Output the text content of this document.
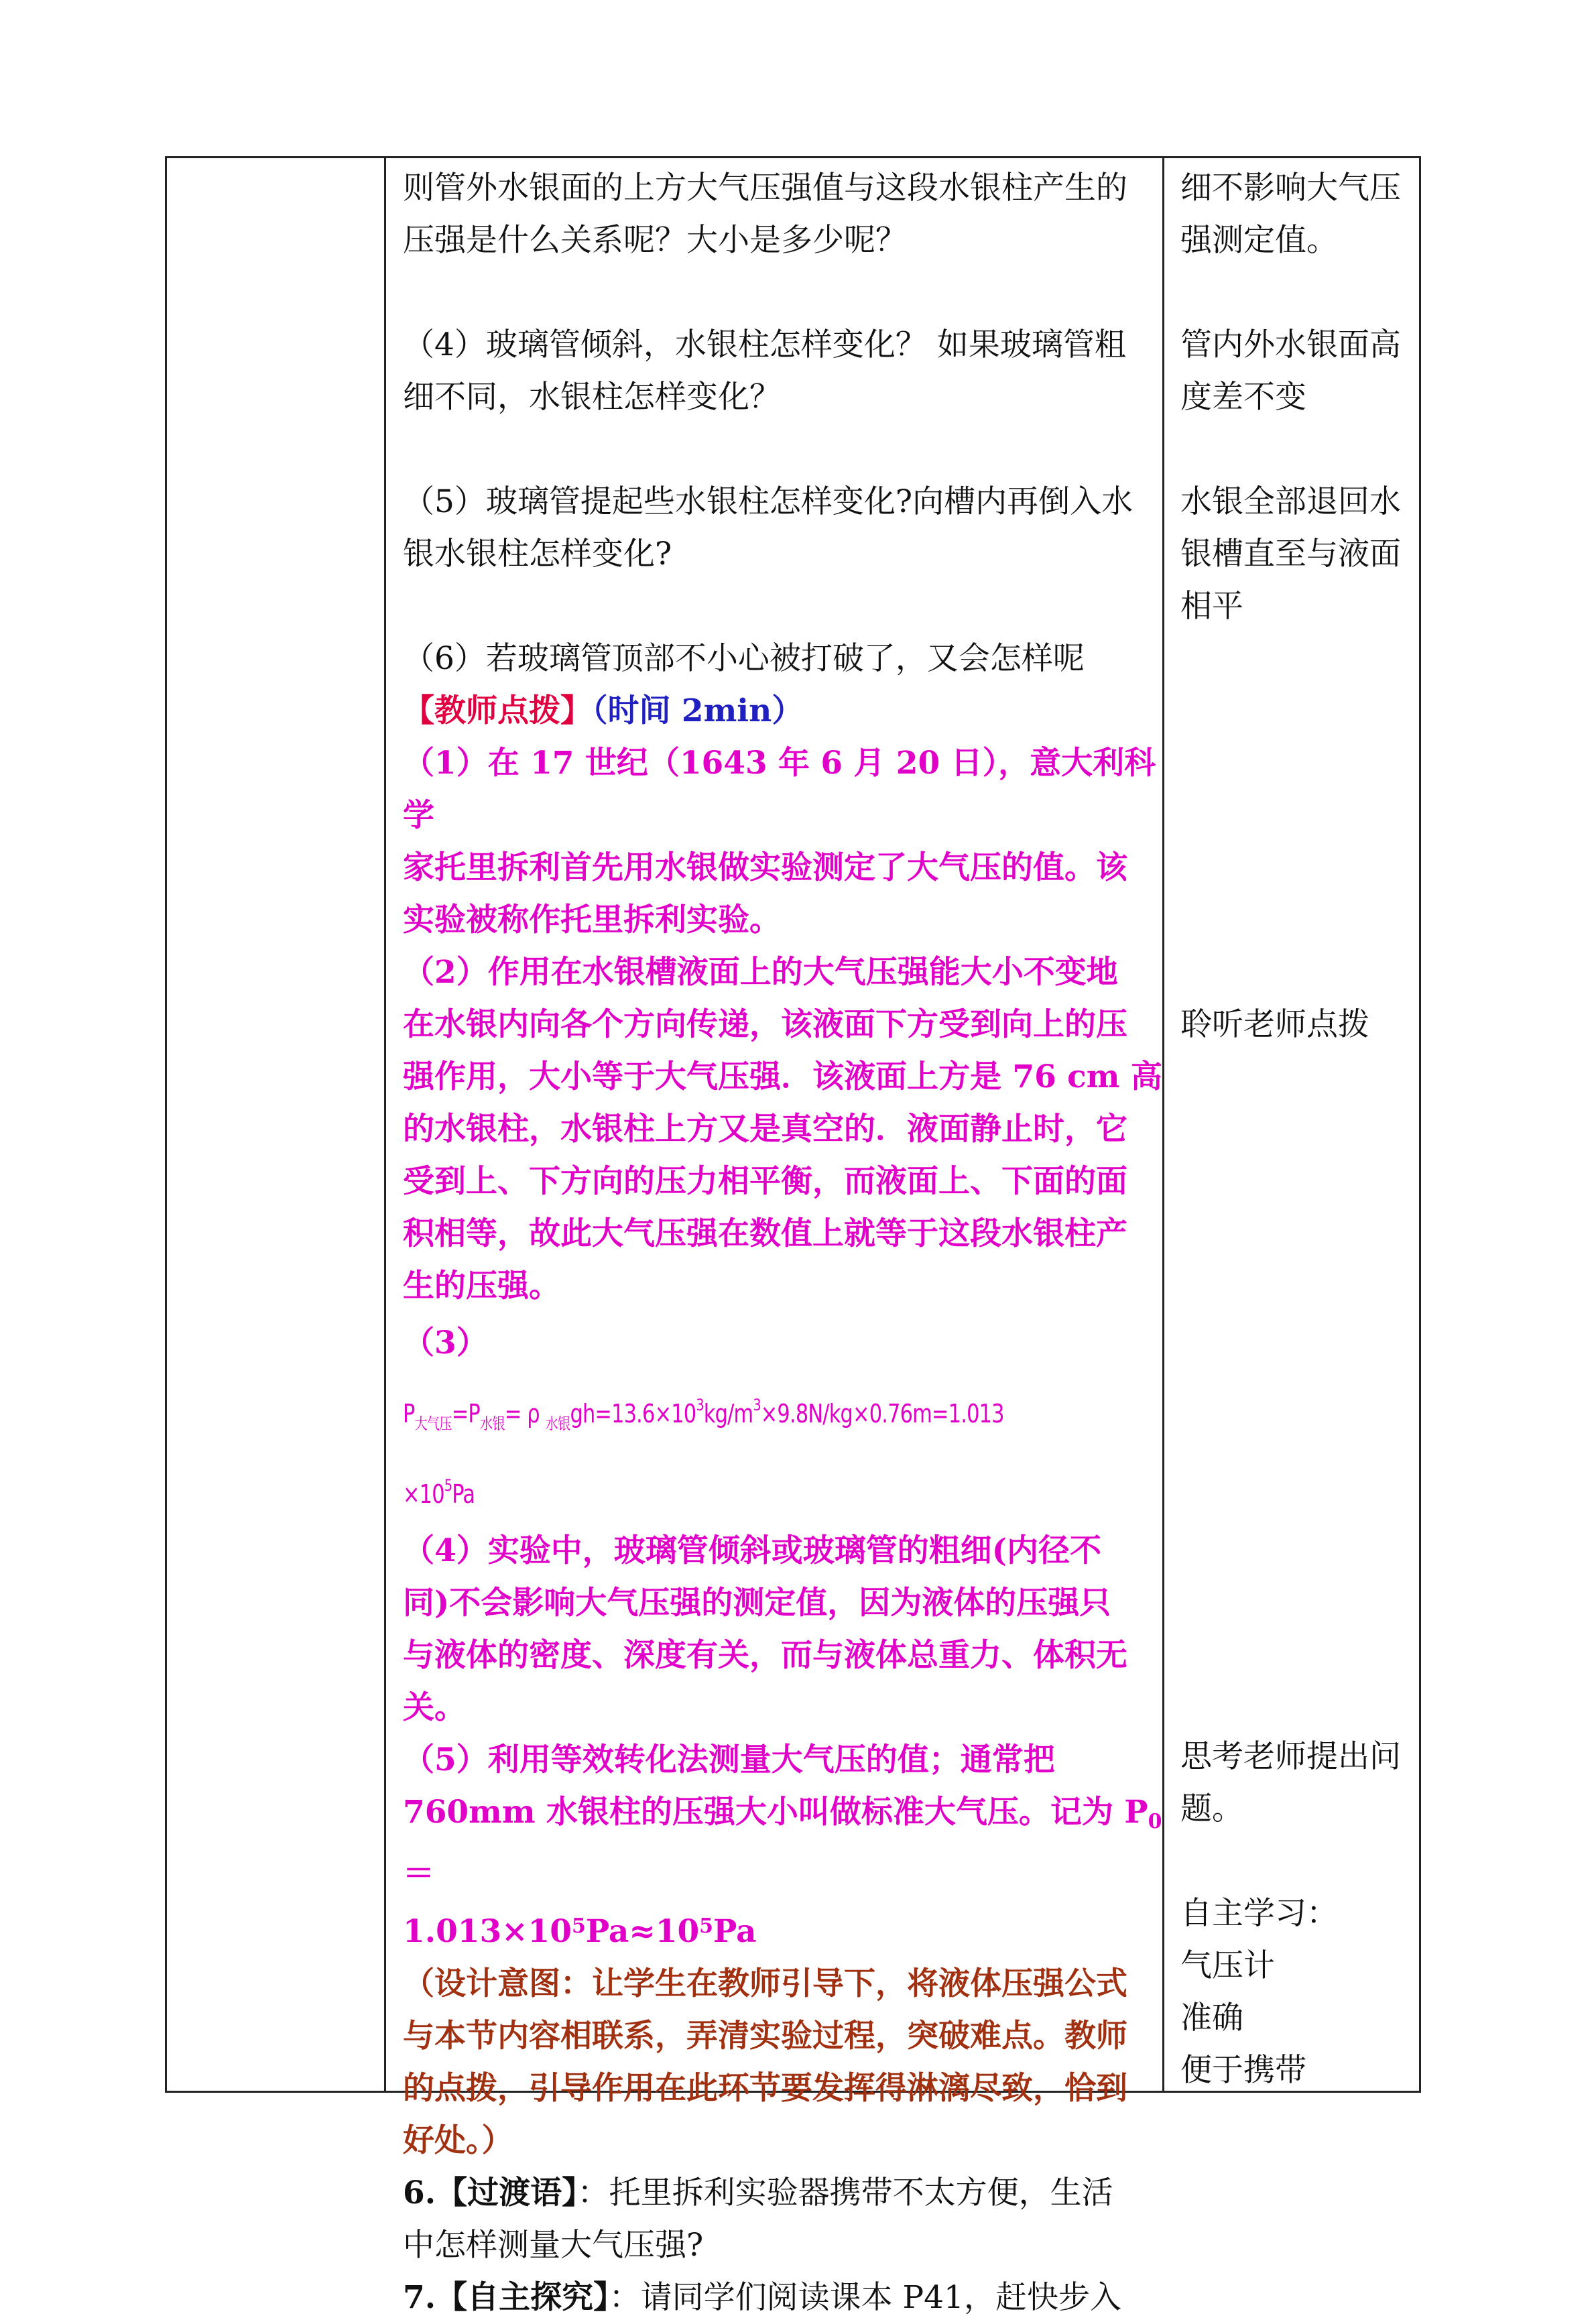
则管外水银面的上方大气压强值与这段水银柱产生的

压强是什么关系呢？大小是多少呢？

（4）玻璃管倾斜，水银柱怎样变化？ 如果玻璃管粗

细不同，水银柱怎样变化？

（5）玻璃管提起些水银柱怎样变化?向槽内再倒入水

银水银柱怎样变化?

（6）若玻璃管顶部不小心被打破了，又会怎样呢

【教师点拨】（时间 2min）

（1）在 17 世纪（1643 年 6 月 20 日），意大利科学

家托里拆利首先用水银做实验测定了大气压的值。该

实验被称作托里拆利实验。

（2）作用在水银槽液面上的大气压强能大小不变地

在水银内向各个方向传递，该液面下方受到向上的压

强作用，大小等于大气压强．该液面上方是 76 cm 高

的水银柱，水银柱上方又是真空的．液面静止时，它

受到上、下方向的压力相平衡，而液面上、下面的面

积相等，故此大气压强在数值上就等于这段水银柱产

生的压强。

$(3)P_{大气压}=P_{水银}= \rho$ $_{水银}gh=13.6\times 10^3kg/m^3\times 9.8N/kg\times 0.76m=1.013\times 10^5Pa$

（4）实验中，玻璃管倾斜或玻璃管的粗细(内径不

同)不会影响大气压强的测定值，因为液体的压强只

与液体的密度、深度有关，而与液体总重力、体积无

关。

（5）利用等效转化法测量大气压的值；通常把

760mm 水银柱的压强大小叫做标准大气压。记为 $P_0=$

$1.013\times 10^5Pa\approx 10^5Pa$

（设计意图：让学生在教师引导下，将液体压强公式

与本节内容相联系，弄清实验过程，突破难点。教师

的点拨，引导作用在此环节要发挥得淋漓尽致，恰到

好处。）

6.【过渡语】：托里拆利实验器携带不太方便，生活

中怎样测量大气压强?

7.【自主探究】：请同学们阅读课本 P41，赶快步入

细不影响大气压

强测定值。

管内外水银面高

度差不变

水银全部退回水

银槽直至与液面

相平

聆听老师点拨

思考老师提出问

题。

自主学习：

气压计

准确

便于携带
